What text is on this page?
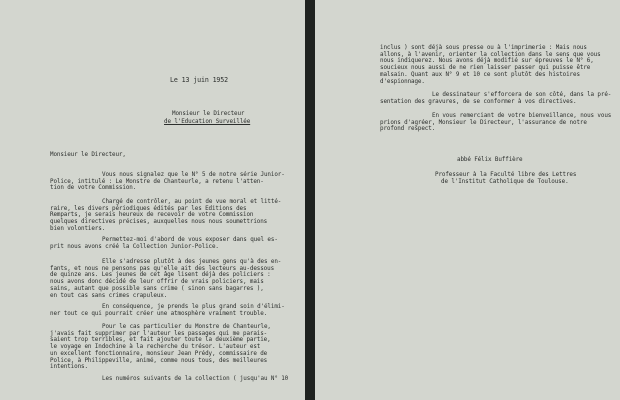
Le 13 juin 1952
Monsieur le Directeur
de l'Education Surveillée
Monsieur le Directeur,
Vous nous signalez que le N° 5 de notre série Junior-
Police, intitulé : Le Monstre de Chanteurle, a retenu l'atten-
tion de votre Commission.
Chargé de contrôler, au point de vue moral et litté-
raire, les divers périodiques édités par les Editions des
Remparts, je serais heureux de recevoir de votre Commission
quelques directives précises, auxquelles nous nous soumettrions
bien volontiers.
Permettez-moi d'abord de vous exposer dans quel es-
prit nous avons créé la Collection Junior-Police.
Elle s'adresse plutôt à des jeunes gens qu'à des en-
fants, et nous ne pensons pas qu'elle ait des lecteurs au-dessous
de quinze ans. Les jeunes de cet âge lisent déjà des policiers :
nous avons donc décidé de leur offrir de vrais policiers, mais
sains, autant que possible sans crime ( sinon sans bagarres ),
en tout cas sans crimes crapuleux.
En conséquence, je prends le plus grand soin d'élimi-
ner tout ce qui pourrait créer une atmosphère vraiment trouble.
Pour le cas particulier du Monstre de Chanteurle,
j'avais fait supprimer par l'auteur les passages qui me parais-
saient trop terribles, et fait ajouter toute la deuxième partie,
le voyage en Indochine à la recherche du trésor. L'auteur est
un excellent fonctionnaire, monsieur Jean Prédy, commissaire de
Police, à Philippeville, animé, comme nous tous, des meilleures
intentions.
Les numéros suivants de la collection ( jusqu'au N° 10
inclus ) sont déjà sous presse ou à l'imprimerie : Mais nous
allons, à l'avenir, orienter la collection dans le sens que vous
nous indiquerez. Nous avons déjà modifié sur épreuves le N° 6,
soucieux nous aussi de ne rien laisser passer qui puisse être
malsain. Quant aux N° 9 et 10 ce sont plutôt des histoires
d'espionnage.
Le dessinateur s'efforcera de son côté, dans la pré-
sentation des gravures, de se conformer à vos directives.
En vous remerciant de votre bienveillance, nous vous
prions d'agréer, Monsieur le Directeur, l'assurance de notre
profond respect.
abbé Félix Buffière
Professeur à la Faculté libre des Lettres
de l'Institut Catholique de Toulouse.
